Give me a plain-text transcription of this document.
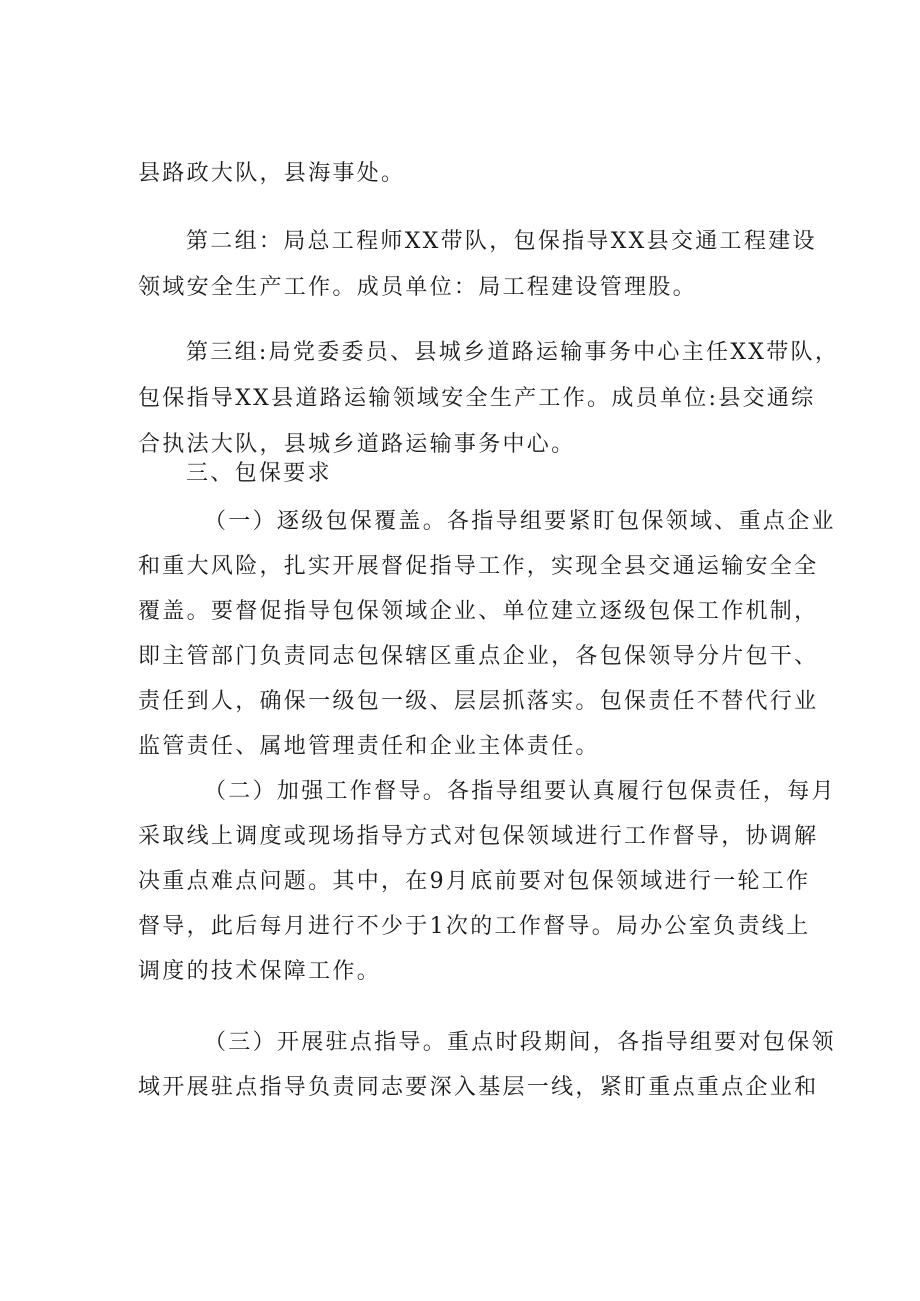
县路政大队，县海事处。

第二组：局总工程师XX带队，包保指导XX县交通工程建设

领域安全生产工作。成员单位：局工程建设管理股。

第三组:局党委委员、县城乡道路运输事务中心主任XX带队，

包保指导XX县道路运输领域安全生产工作。成员单位:县交通综

合执法大队，县城乡道路运输事务中心。

三、包保要求

（一）逐级包保覆盖。各指导组要紧盯包保领域、重点企业

和重大风险，扎实开展督促指导工作，实现全县交通运输安全全

覆盖。要督促指导包保领域企业、单位建立逐级包保工作机制，

即主管部门负责同志包保辖区重点企业，各包保领导分片包干、

责任到人，确保一级包一级、层层抓落实。包保责任不替代行业

监管责任、属地管理责任和企业主体责任。

（二）加强工作督导。各指导组要认真履行包保责任，每月

采取线上调度或现场指导方式对包保领域进行工作督导，协调解

决重点难点问题。其中，在9月底前要对包保领域进行一轮工作

督导，此后每月进行不少于1次的工作督导。局办公室负责线上

调度的技术保障工作。

（三）开展驻点指导。重点时段期间，各指导组要对包保领

域开展驻点指导负责同志要深入基层一线，紧盯重点重点企业和
